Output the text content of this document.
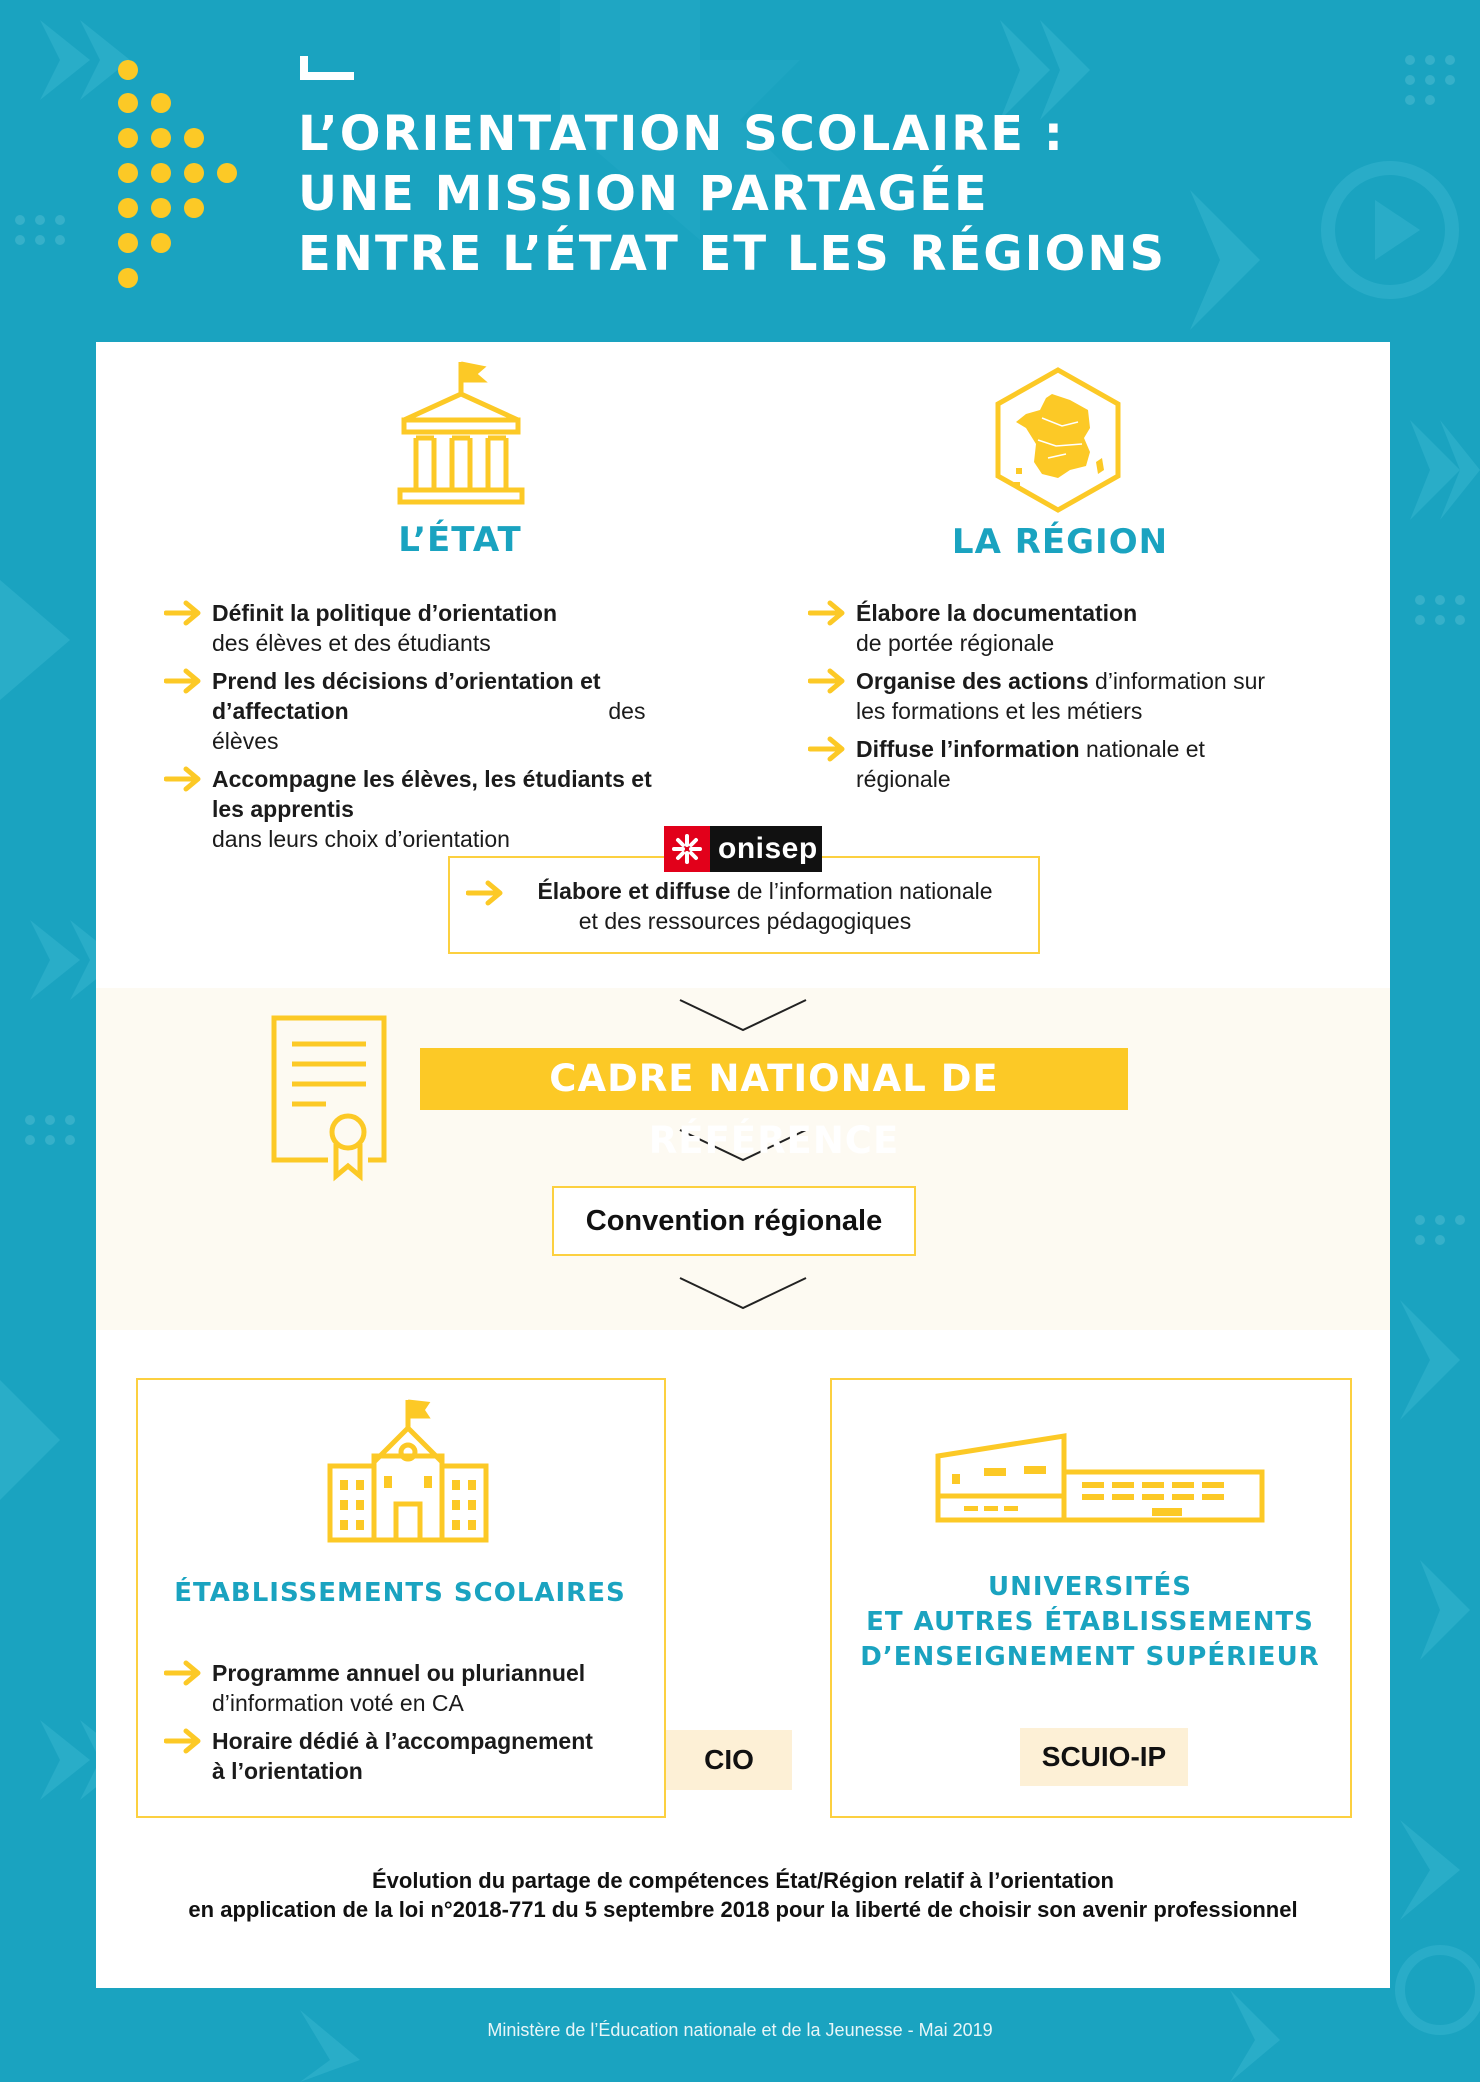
L’ORIENTATION SCOLAIRE :
UNE MISSION PARTAGÉE
ENTRE L’ÉTAT ET LES RÉGIONS
L’ÉTAT	LA RÉGION
Définit la politique d’orientation
des élèves et des étudiants
Prend les décisions d’orientation et d’affectation	des élèves
Accompagne les élèves, les étudiants et les apprentis dans leurs choix d’orientation
Élabore la documentation
de portée régionale
Organise des actions d’information sur les formations et les métiers
Diffuse l’information nationale et régionale
Élabore et diffuse de l’information nationale
et des ressources pédagogiques
onisep
CADRE NATIONAL DE RÉFÉRENCE
Convention régionale
ÉTABLISSEMENTS SCOLAIRES
Programme annuel ou pluriannuel
d’information voté en CA
Horaire dédié à l’accompagnement à l’orientation	CIO
UNIVERSITÉS
ET AUTRES ÉTABLISSEMENTS
D’ENSEIGNEMENT SUPÉRIEUR
SCUIO-IP

Évolution du partage de compétences État/Région relatif à l’orientation
en application de la loi n°2018-771 du 5 septembre 2018 pour la liberté de choisir son avenir professionnel

Ministère de l’Éducation nationale et de la Jeunesse - Mai 2019
